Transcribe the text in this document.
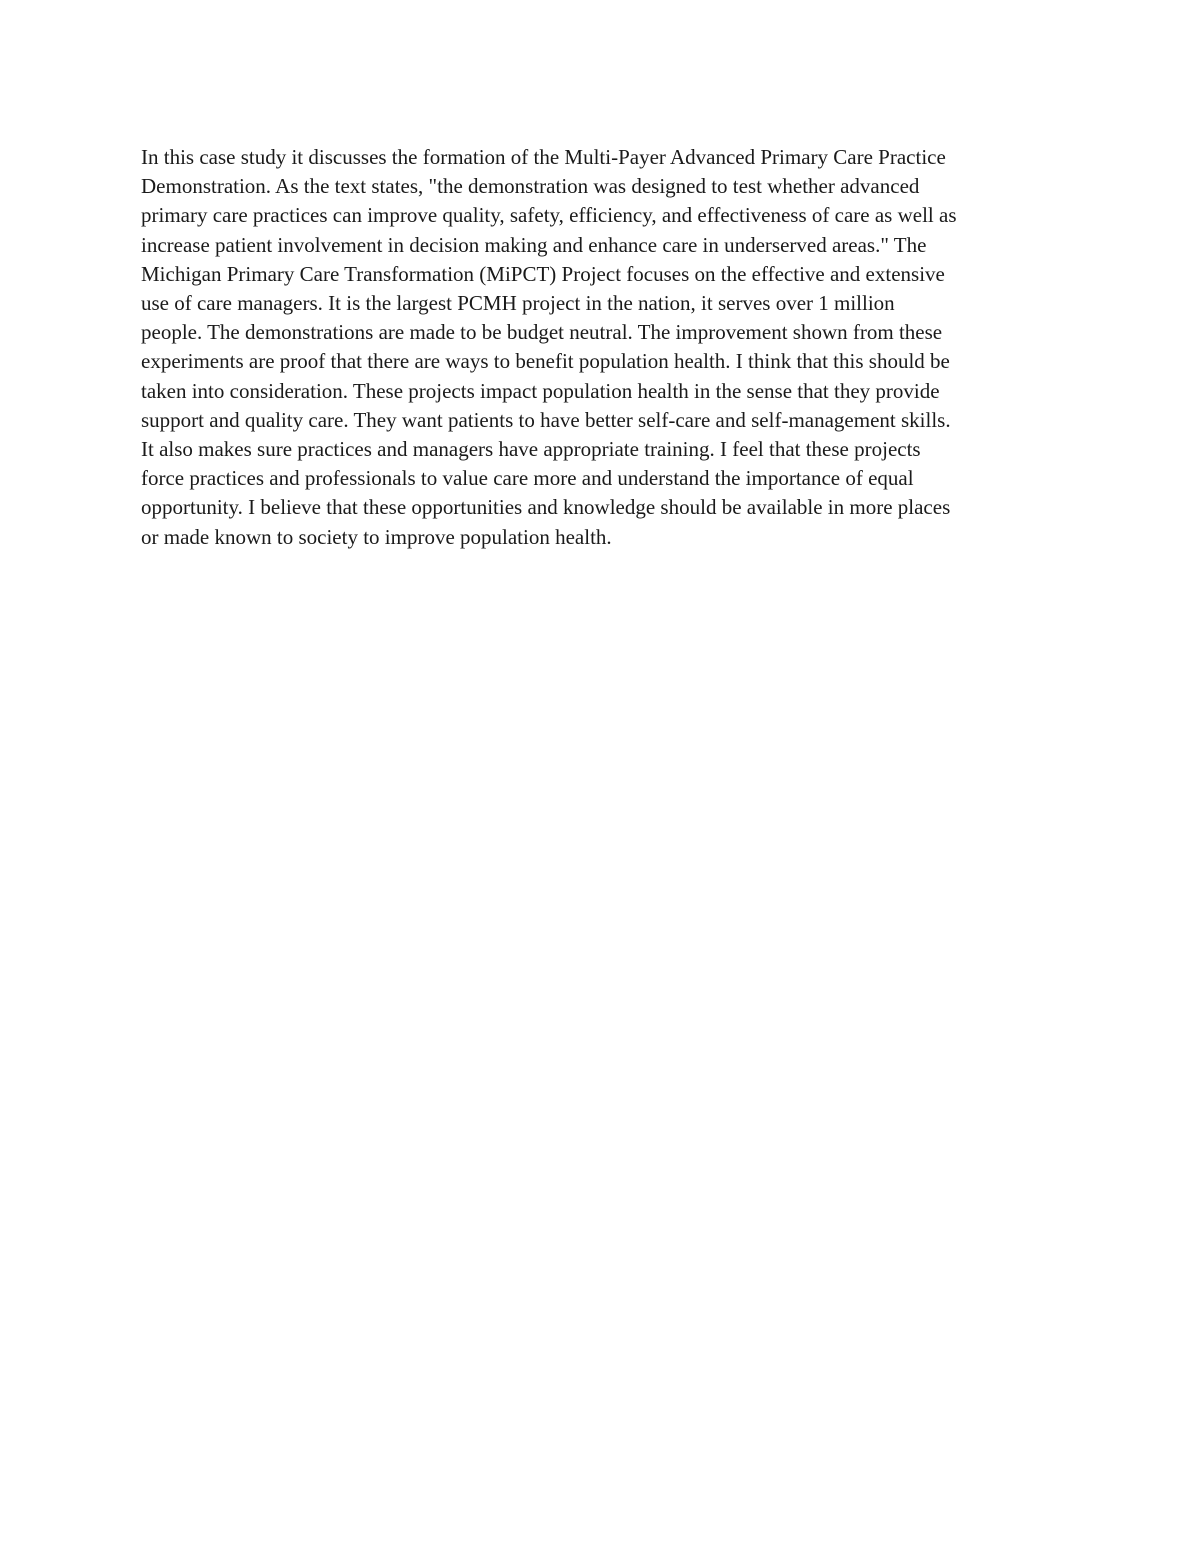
In this case study it discusses the formation of the Multi-Payer Advanced Primary Care Practice
Demonstration. As the text states, "the demonstration was designed to test whether advanced
primary care practices can improve quality, safety, efficiency, and effectiveness of care as well as
increase patient involvement in decision making and enhance care in underserved areas." The
Michigan Primary Care Transformation (MiPCT) Project focuses on the effective and extensive
use of care managers. It is the largest PCMH project in the nation, it serves over 1 million
people. The demonstrations are made to be budget neutral. The improvement shown from these
experiments are proof that there are ways to benefit population health. I think that this should be
taken into consideration. These projects impact population health in the sense that they provide
support and quality care. They want patients to have better self-care and self-management skills.
It also makes sure practices and managers have appropriate training. I feel that these projects
force practices and professionals to value care more and understand the importance of equal
opportunity. I believe that these opportunities and knowledge should be available in more places
or made known to society to improve population health.
